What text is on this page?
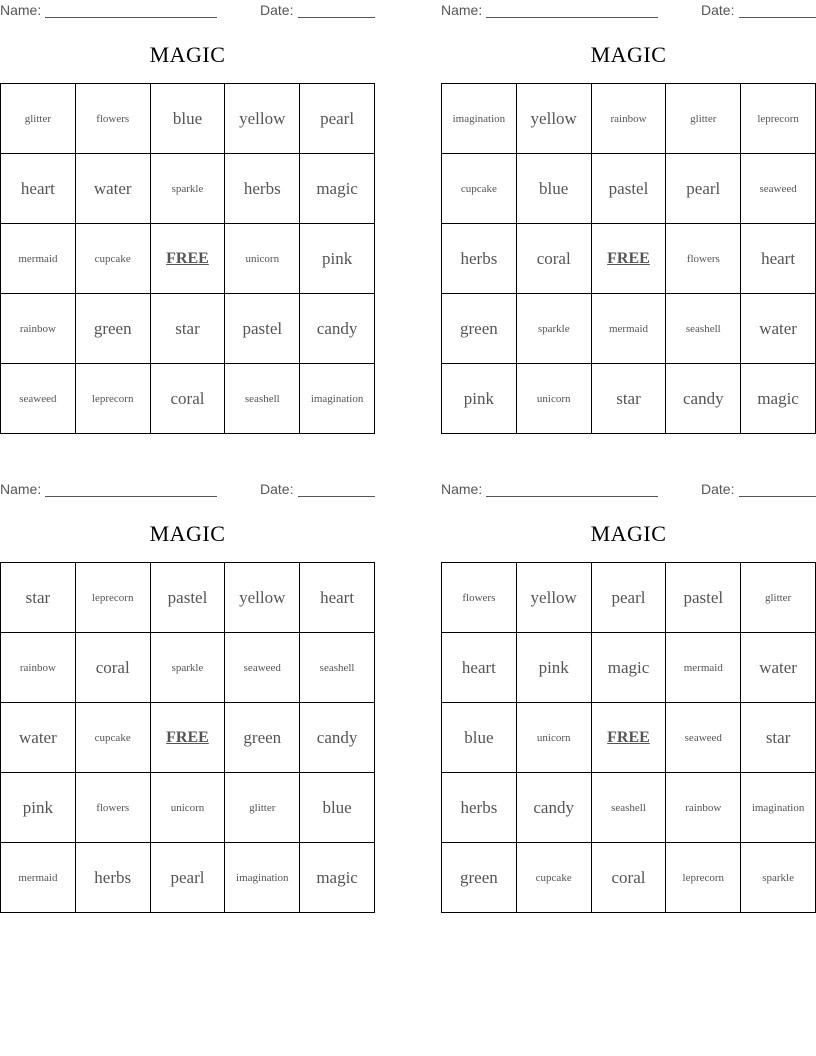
Name:	Date:
MAGIC
glitter	flowers	blue	yellow	pearl
heart	water	sparkle	herbs	magic
mermaid	cupcake	FREE	unicorn	pink
rainbow	green	star	pastel	candy
seaweed	leprecorn	coral	seashell	imagination
Name:	Date:
MAGIC
imagination	yellow	rainbow	glitter	leprecorn
cupcake	blue	pastel	pearl	seaweed
herbs	coral	FREE	flowers	heart
green	sparkle	mermaid	seashell	water
pink	unicorn	star	candy	magic
Name:	Date:
MAGIC
star	leprecorn	pastel	yellow	heart
rainbow	coral	sparkle	seaweed	seashell
water	cupcake	FREE	green	candy
pink	flowers	unicorn	glitter	blue
mermaid	herbs	pearl	imagination	magic
Name:	Date:
MAGIC
flowers	yellow	pearl	pastel	glitter
heart	pink	magic	mermaid	water
blue	unicorn	FREE	seaweed	star
herbs	candy	seashell	rainbow	imagination
green	cupcake	coral	leprecorn	sparkle
